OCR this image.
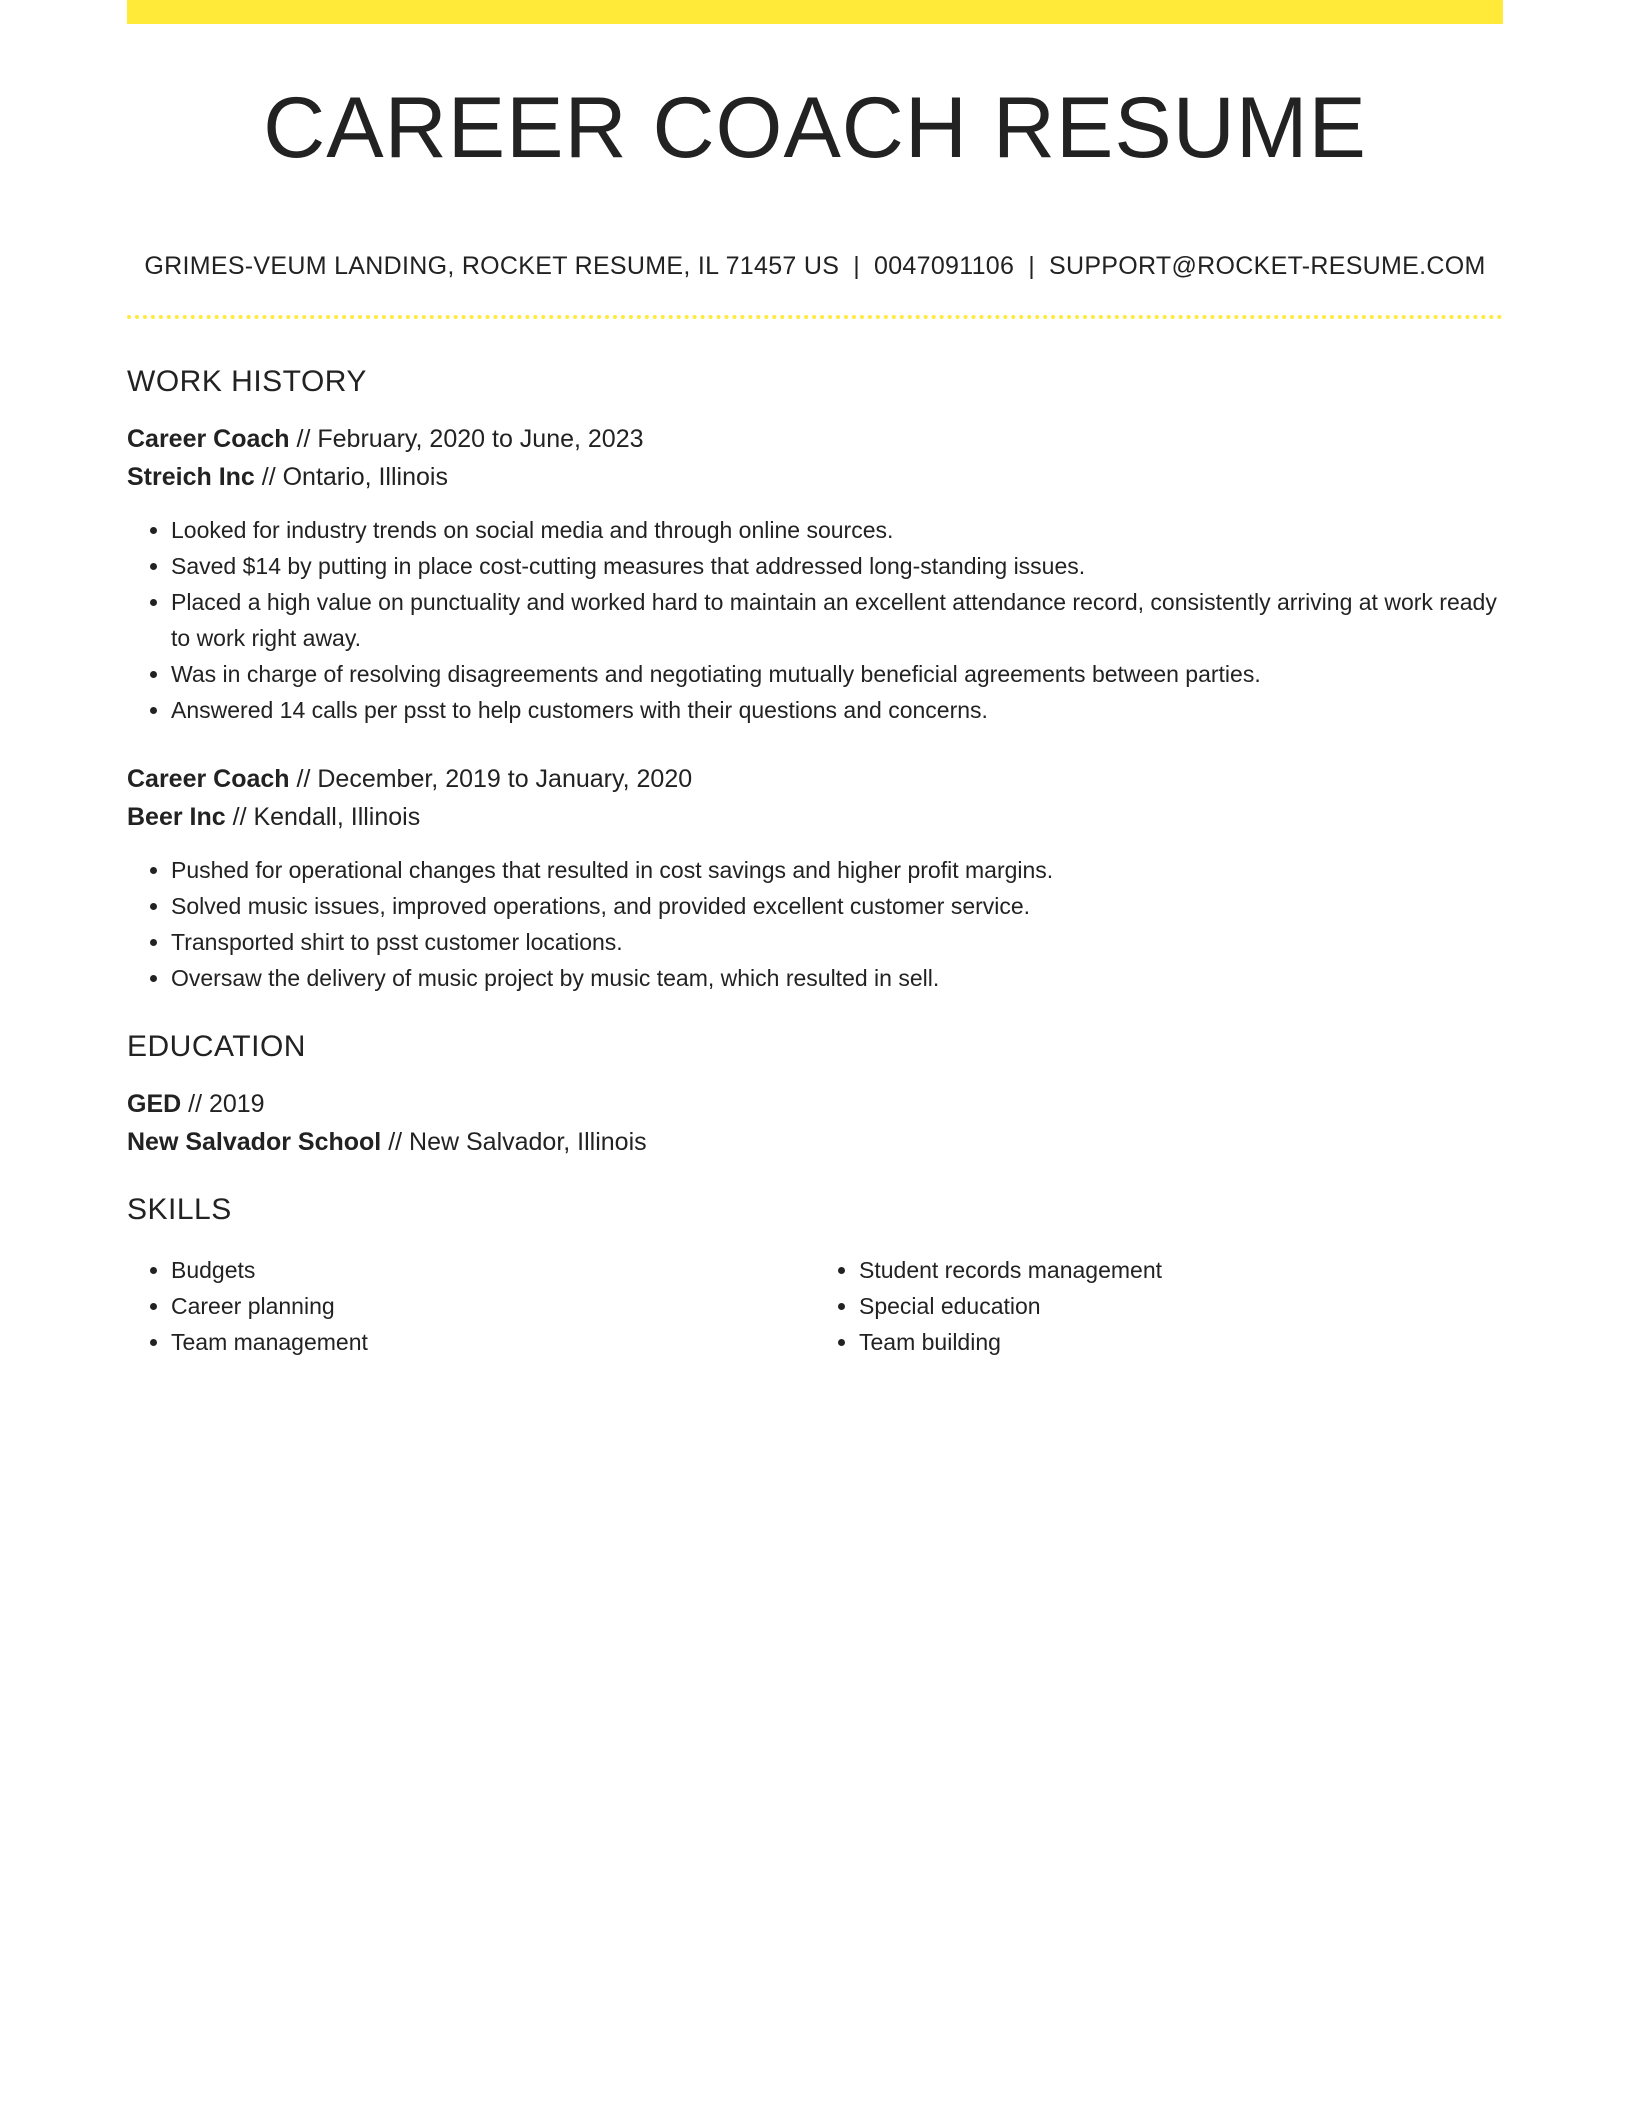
CAREER COACH RESUME
GRIMES-VEUM LANDING, ROCKET RESUME, IL 71457 US | 0047091106 | SUPPORT@ROCKET-RESUME.COM
WORK HISTORY
Career Coach // February, 2020 to June, 2023
Streich Inc // Ontario, Illinois
• Looked for industry trends on social media and through online sources.
• Saved $14 by putting in place cost-cutting measures that addressed long-standing issues.
• Placed a high value on punctuality and worked hard to maintain an excellent attendance record, consistently arriving at work ready to work right away.
• Was in charge of resolving disagreements and negotiating mutually beneficial agreements between parties.
• Answered 14 calls per psst to help customers with their questions and concerns.
Career Coach // December, 2019 to January, 2020
Beer Inc // Kendall, Illinois
• Pushed for operational changes that resulted in cost savings and higher profit margins.
• Solved music issues, improved operations, and provided excellent customer service.
• Transported shirt to psst customer locations.
• Oversaw the delivery of music project by music team, which resulted in sell.
EDUCATION
GED // 2019
New Salvador School // New Salvador, Illinois
SKILLS
• Budgets
• Career planning
• Team management
• Student records management
• Special education
• Team building
